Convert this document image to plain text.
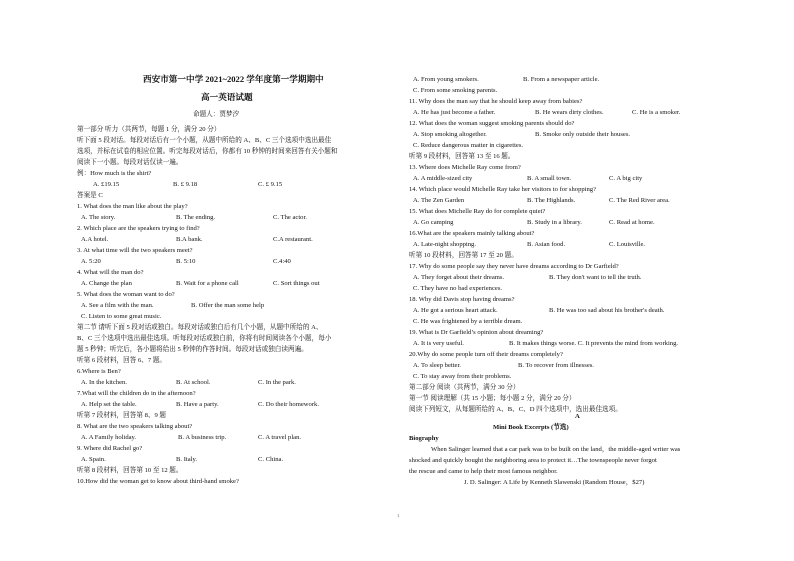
西安市第一中学 2021~2022 学年度第一学期期中
高一英语试题
命题人：贾梦汐
第一部分 听力（共两节，每题 1 分，满分 20 分）
听下面 5 段对话。每段对话后有一个小题，从题中所给的 A、B、C 三个选项中选出最佳
选项，并标在试卷的相应位置。听完每段对话后，你都有 10 秒钟的时间来回答有关小题和
阅读下一小题。每段对话仅读一遍。
例：How much is the shirt?
A. £19.15	B. £ 9.18	C. £ 9.15
答案是 C
1. What does the man like about the play?
A. The story.	B. The ending.	C. The actor.
2. Which place are the speakers trying to find?
A.A hotel.	B.A bank.	C.A restaurant.
3. At what time will the two speakers meet?
A. 5:20	B. 5:10	C.4:40
4. What will the man do?
A. Change the plan	B. Wait for a phone call	C. Sort things out
5. What does the woman want to do?
A. See a film with the man.	B. Offer the man some help
C. Listen to some great music.
第二节 请听下面 5 段对话或独白。每段对话或独白后有几个小题，从题中所给的 A、
B、C 三个选项中选出最佳选项。听每段对话或独白前，你将有时间阅读各个小题，每小
题 5 秒钟；听完后，各小题将给出 5 秒钟的作答时间。每段对话或独白读两遍。
听第 6 段材料，回答 6、7 题。
6.Where is Ben?
A. In the kitchen.	B. At school.	C. In the park.
7.What will the children do in the afternoon?
A. Help set the table.	B. Have a party.	C. Do their homework.
听第 7 段材料，回答第 8、9 题
8. What are the two speakers talking about?
A. A Family holiday.	B. A business trip.	C. A travel plan.
9. Where did Rachel go?
A. Spain.	B. Italy.	C. China.
听第 8 段材料，回答第 10 至 12 题。
10.How did the woman get to know about third-hand smoke?
A. From young smokers.	B. From a newspaper article.
C. From some smoking parents.
11. Why does the man say that he should keep away from babies?
A. He has just become a father.	B. He wears dirty clothes.	C. He is a smoker.
12. What does the woman suggest smoking parents should do?
A. Stop smoking altogether.	B. Smoke only outside their houses.
C. Reduce dangerous matter in cigarettes.
听第 9 段材料，回答第 13 至 16 题。
13. Where does Michelle Ray come from?
A. A middle-sized city	B. A small town.	C. A big city
14. Which place would Michelle Ray take her visitors to for shopping?
A. The Zen Garden	B. The Highlands.	C. The Red River area.
15. What does Michelle Ray do for complete quiet?
A. Go camping	B. Study in a library.	C. Read at home.
16.What are the speakers mainly talking about?
A. Late-night shopping.	B. Asian food.	C. Louisville.
听第 10 段材料，回答第 17 至 20 题。
17. Why do some people say they never have dreams according to Dr Garfield?
A. They forget about their dreams.	B. They don't want to tell the truth.
C. They have no bad experiences.
18. Why did Davis stop having dreams?
A. He got a serious heart attack.	B. He was too sad about his brother's death.
C. He was frightened by a terrible dream.
19. What is Dr Garfield’s opinion about dreaming?
A. It is very useful.	B. It makes things worse. C. It prevents the mind from working.
20.Why do some people turn off their dreams completely?
A. To sleep better.	B. To recover from illnesses.
C. To stay away from their problems.
第二部分 阅读（共两节，满分 30 分）
第一节 阅读理解（共 15 小题；每小题 2 分，满分 20 分）
阅读下列短文，从每题所给的 A、B、C、D 四个选项中，选出最佳选项。
A
Mini Book Excerpts (节选)
Biography
When Salinger learned that a car park was to be built on the land，the middle-aged writer was
shocked and quickly bought the neighboring area to protect it…The townspeople never forgot
the rescue and came to help their most famous neighbor.
J. D. Salinger: A Life by Kenneth Slawenski (Random House，$27)
1
